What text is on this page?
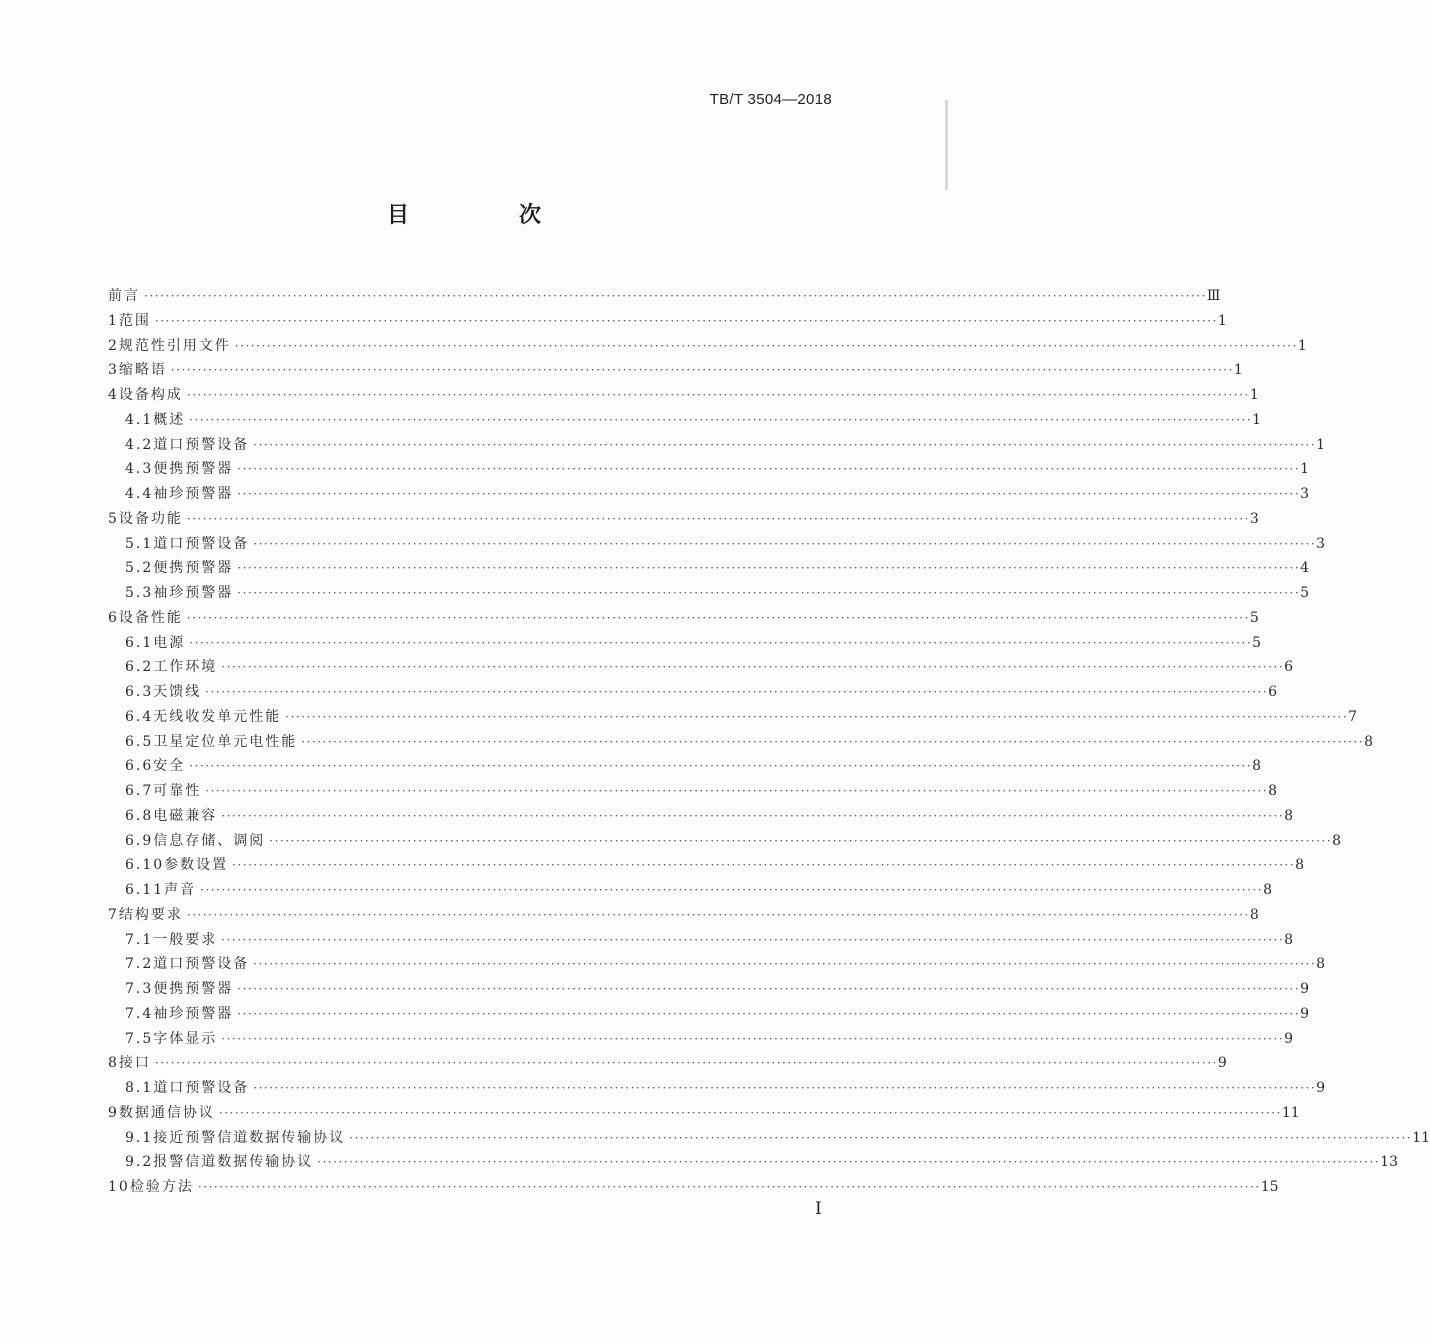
TB/T 3504—2018
目　次
前言 ········································································································································································································ Ⅲ
1 范围 ········································································································································································································ 1
2 规范性引用文件 ········································································································································································································ 1
3 缩略语 ········································································································································································································ 1
4 设备构成 ········································································································································································································ 1
4.1 概述 ········································································································································································································ 1
4.2 道口预警设备 ········································································································································································································ 1
4.3 便携预警器 ········································································································································································································ 1
4.4 袖珍预警器 ········································································································································································································ 3
5 设备功能 ········································································································································································································ 3
5.1 道口预警设备 ········································································································································································································ 3
5.2 便携预警器 ········································································································································································································ 4
5.3 袖珍预警器 ········································································································································································································ 5
6 设备性能 ········································································································································································································ 5
6.1 电源 ········································································································································································································ 5
6.2 工作环境 ········································································································································································································ 6
6.3 天馈线 ········································································································································································································ 6
6.4 无线收发单元性能 ········································································································································································································ 7
6.5 卫星定位单元电性能 ········································································································································································································ 8
6.6 安全 ········································································································································································································ 8
6.7 可靠性 ········································································································································································································ 8
6.8 电磁兼容 ········································································································································································································ 8
6.9 信息存储、调阅 ········································································································································································································ 8
6.10 参数设置 ········································································································································································································ 8
6.11 声音 ········································································································································································································ 8
7 结构要求 ········································································································································································································ 8
7.1 一般要求 ········································································································································································································ 8
7.2 道口预警设备 ········································································································································································································ 8
7.3 便携预警器 ········································································································································································································ 9
7.4 袖珍预警器 ········································································································································································································ 9
7.5 字体显示 ········································································································································································································ 9
8 接口 ········································································································································································································ 9
8.1 道口预警设备 ········································································································································································································ 9
9 数据通信协议 ········································································································································································································ 11
9.1 接近预警信道数据传输协议 ········································································································································································································ 11
9.2 报警信道数据传输协议 ········································································································································································································ 13
10 检验方法 ········································································································································································································ 15
Ⅰ
